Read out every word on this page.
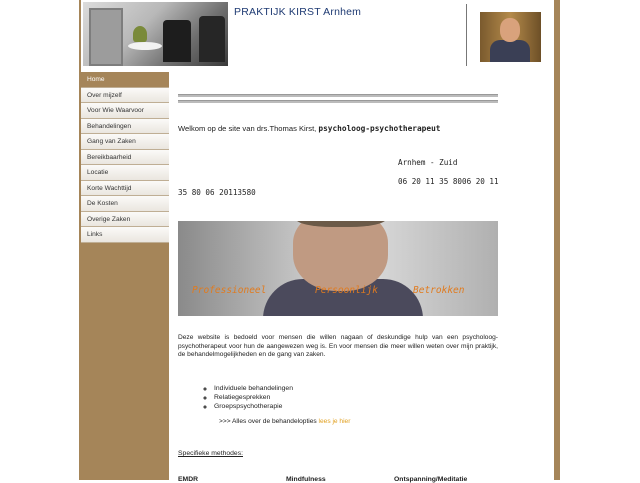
PRAKTIJK KIRST Arnhem
Home
Over mijzelf
Voor Wie Waarvoor
Behandelingen
Gang van Zaken
Bereikbaarheid
Locatie
Korte Wachttijd
De Kosten
Overige Zaken
Links
Welkom op de site van drs.Thomas Kirst, psycholoog-psychotherapeut
Arnhem - Zuid
06 20 11 35 8006 20 11
35 80 06 20113580
Professioneel	Persoonlijk	Betrokken
Deze website is bedoeld voor mensen die willen nagaan of deskundige hulp van een psycholoog-psychotherapeut voor hun de aangewezen weg is. En voor mensen die meer willen weten over mijn praktijk, de behandelmogelijkheden en de gang van zaken.
◦ Individuele behandelingen
◦ Relatiegesprekken
◦ Groepspsychotherapie
>>> Alles over de behandelopties lees je hier
Specifieke methodes:
EMDR	Mindfulness	Ontspanning/Meditatie
